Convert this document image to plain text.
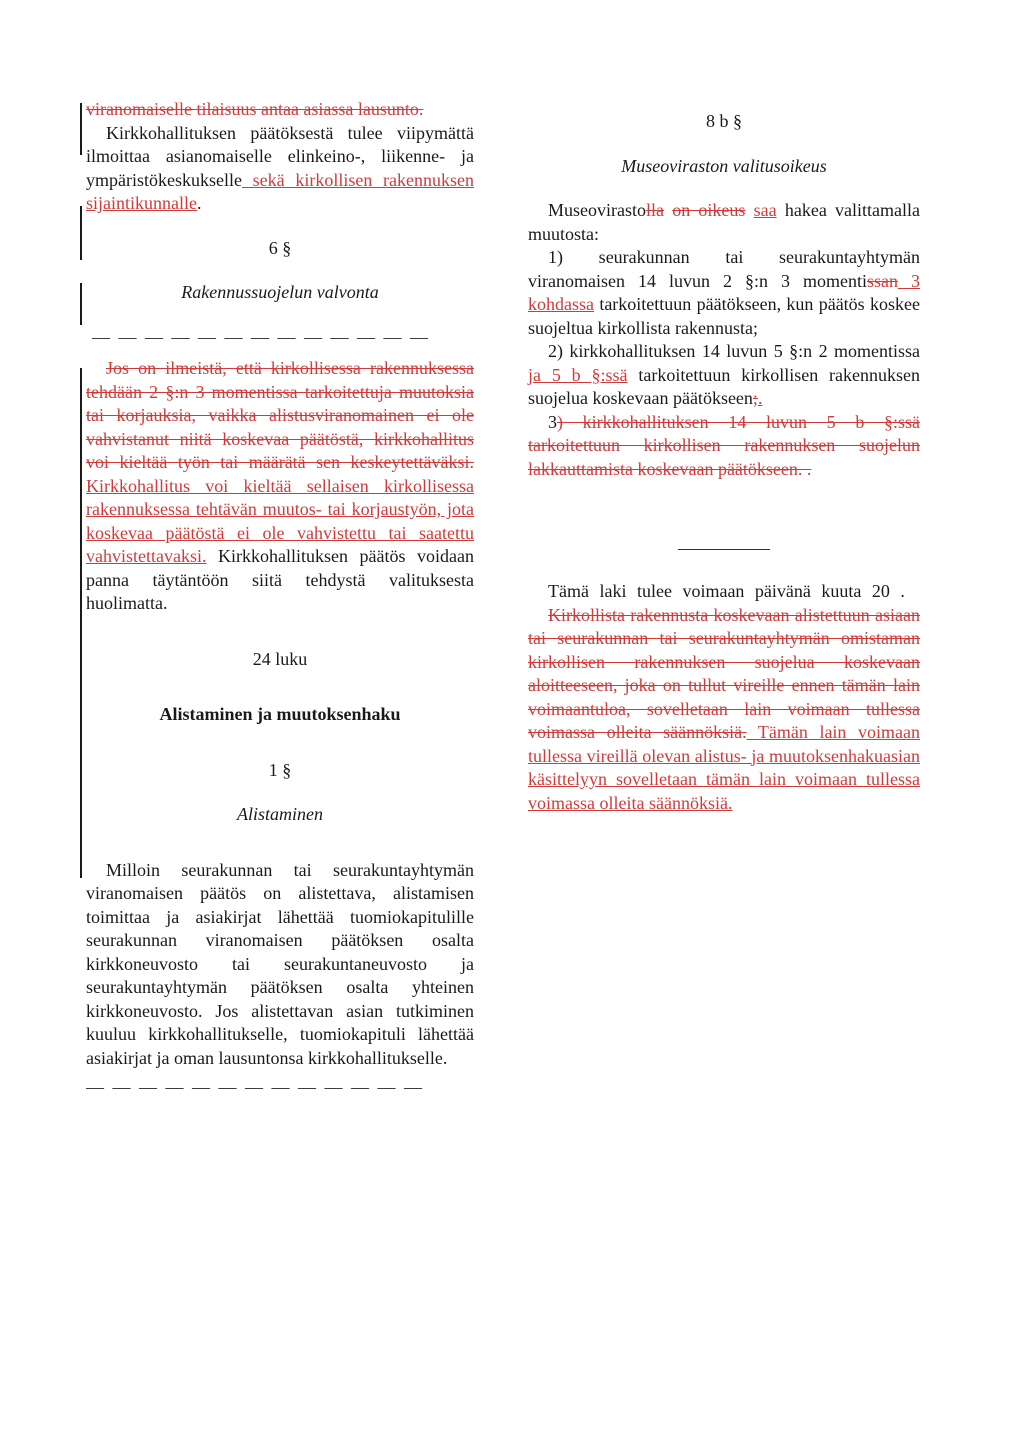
viranomaiselle tilaisuus antaa asiassa lausunto.

Kirkkohallituksen päätöksestä tulee viipymättä ilmoittaa asianomaiselle elinkeino-, liikenne- ja ympäristökeskukselle sekä kirkollisen rakennuksen sijaintikunnalle.

6 §

Rakennussuojelun valvonta

— — — — — — — — — — — — —

Jos on ilmeistä, että kirkollisessa rakennuksessa tehdään 2 §:n 3 momentissa tarkoitettuja muutoksia tai korjauksia, vaikka alistusviranomainen ei ole vahvistanut niitä koskevaa päätöstä, kirkkohallitus voi kieltää työn tai määrätä sen keskeytettäväksi. Kirkkohallitus voi kieltää sellaisen kirkollisessa rakennuksessa tehtävän muutos- tai korjaustyön, jota koskevaa päätöstä ei ole vahvistettu tai saatettu vahvistettavaksi. Kirkkohallituksen päätös voidaan panna täytäntöön siitä tehdystä valituksesta huolimatta.

24 luku

Alistaminen ja muutoksenhaku

1 §

Alistaminen

Milloin seurakunnan tai seurakuntayhtymän viranomaisen päätös on alistettava, alistamisen toimittaa ja asiakirjat lähettää tuomiokapitulille seurakunnan viranomaisen päätöksen osalta kirkkoneuvosto tai seurakuntaneuvosto ja seurakuntayhtymän päätöksen osalta yhteinen kirkkoneuvosto. Jos alistettavan asian tutkiminen kuuluu kirkkohallitukselle, tuomiokapituli lähettää asiakirjat ja oman lausuntonsa kirkkohallitukselle.

— — — — — — — — — — — — —

8 b §

Museoviraston valitusoikeus

Museovirastolla on oikeus saa hakea valittamalla muutosta:

1) seurakunnan tai seurakuntayhtymän viranomaisen 14 luvun 2 §:n 3 momentissan 3 kohdassa tarkoitettuun päätökseen, kun päätös koskee suojeltua kirkollista rakennusta;

2) kirkkohallituksen 14 luvun 5 §:n 2 momentissa ja 5 b §:ssä tarkoitettuun kirkollisen rakennuksen suojelua koskevaan päätökseen;.

3) kirkkohallituksen 14 luvun 5 b §:ssä tarkoitettuun kirkollisen rakennuksen suojelun lakkauttamista koskevaan päätökseen. .

Tämä laki tulee voimaan päivänä kuuta 20 .

Kirkollista rakennusta koskevaan alistettuun asiaan tai seurakunnan tai seurakuntayhtymän omistaman kirkollisen rakennuksen suojelua koskevaan aloitteeseen, joka on tullut vireille ennen tämän lain voimaantuloa, sovelletaan lain voimaan tullessa voimassa olleita säännöksiä. Tämän lain voimaan tullessa vireillä olevan alistus- ja muutoksenhakuasian käsittelyyn sovelletaan tämän lain voimaan tullessa voimassa olleita säännöksiä.
